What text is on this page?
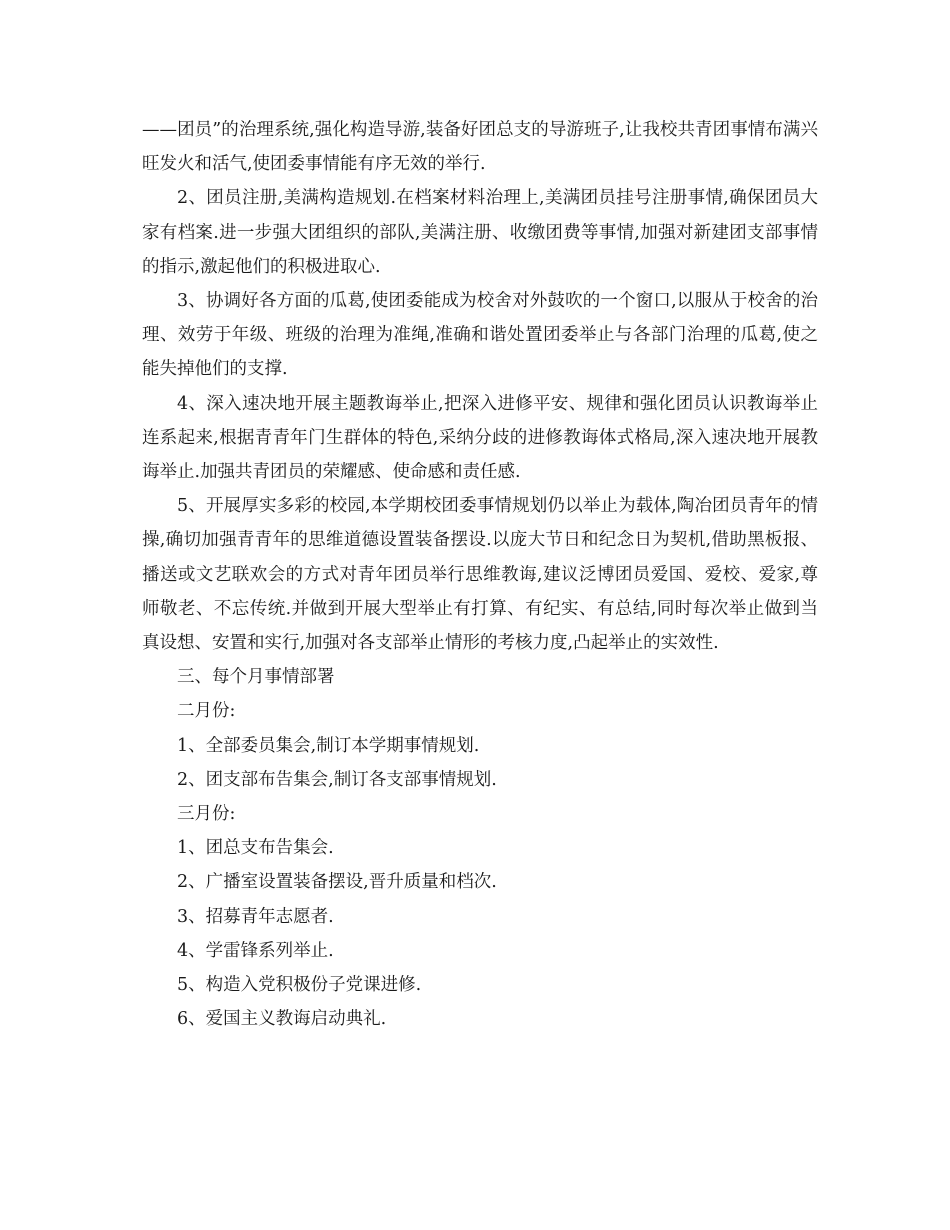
——团员”的治理系统,强化构造导游,装备好团总支的导游班子,让我校共青团事情布满兴旺发火和活气,使团委事情能有序无效的举行.

2、团员注册,美满构造规划.在档案材料治理上,美满团员挂号注册事情,确保团员大家有档案.进一步强大团组织的部队,美满注册、收缴团费等事情,加强对新建团支部事情的指示,激起他们的积极进取心.

3、协调好各方面的瓜葛,使团委能成为校舍对外鼓吹的一个窗口,以服从于校舍的治理、效劳于年级、班级的治理为准绳,准确和谐处置团委举止与各部门治理的瓜葛,使之能失掉他们的支撑.

4、深入速决地开展主题教诲举止,把深入进修平安、规律和强化团员认识教诲举止连系起来,根据青青年门生群体的特色,采纳分歧的进修教诲体式格局,深入速决地开展教诲举止.加强共青团员的荣耀感、使命感和责任感.

5、开展厚实多彩的校园,本学期校团委事情规划仍以举止为载体,陶冶团员青年的情操,确切加强青青年的思维道德设置装备摆设.以庞大节日和纪念日为契机,借助黑板报、播送或文艺联欢会的方式对青年团员举行思维教诲,建议泛博团员爱国、爱校、爱家,尊师敬老、不忘传统.并做到开展大型举止有打算、有纪实、有总结,同时每次举止做到当真设想、安置和实行,加强对各支部举止情形的考核力度,凸起举止的实效性.

三、每个月事情部署

二月份:

1、全部委员集会,制订本学期事情规划.

2、团支部布告集会,制订各支部事情规划.

三月份:

1、团总支布告集会.

2、广播室设置装备摆设,晋升质量和档次.

3、招募青年志愿者.

4、学雷锋系列举止.

5、构造入党积极份子党课进修.

6、爱国主义教诲启动典礼.
